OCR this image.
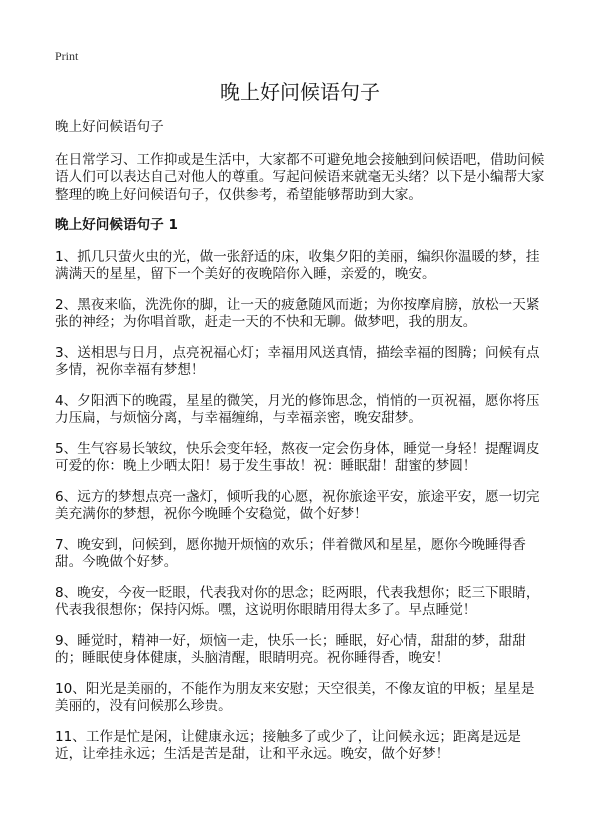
Print
晚上好问候语句子

晚上好问候语句子

在日常学习、工作抑或是生活中，大家都不可避免地会接触到问候语吧，借助问候语人们可以表达自己对他人的尊重。写起问候语来就毫无头绪？以下是小编帮大家整理的晚上好问候语句子，仅供参考，希望能够帮助到大家。

晚上好问候语句子 1

1、抓几只萤火虫的光，做一张舒适的床，收集夕阳的美丽，编织你温暖的梦，挂满满天的星星，留下一个美好的夜晚陪你入睡，亲爱的，晚安。

2、黑夜来临，洗洗你的脚，让一天的疲惫随风而逝；为你按摩肩膀，放松一天紧张的神经；为你唱首歌，赶走一天的不快和无聊。做梦吧，我的朋友。

3、送相思与日月，点亮祝福心灯；幸福用风送真情，描绘幸福的图腾；问候有点多情，祝你幸福有梦想！

4、夕阳洒下的晚霞，星星的微笑，月光的修饰思念，悄悄的一页祝福，愿你将压力压扁，与烦恼分离，与幸福缠绵，与幸福亲密，晚安甜梦。

5、生气容易长皱纹，快乐会变年轻，熬夜一定会伤身体，睡觉一身轻！提醒调皮可爱的你：晚上少晒太阳！易于发生事故！祝：睡眠甜！甜蜜的梦圆！

6、远方的梦想点亮一盏灯，倾听我的心愿，祝你旅途平安，旅途平安，愿一切完美充满你的梦想，祝你今晚睡个安稳觉，做个好梦！

7、晚安到，问候到，愿你抛开烦恼的欢乐；伴着微风和星星，愿你今晚睡得香甜。今晚做个好梦。

8、晚安，今夜一眨眼，代表我对你的思念；眨两眼，代表我想你；眨三下眼睛，代表我很想你；保持闪烁。嘿，这说明你眼睛用得太多了。早点睡觉！

9、睡觉时，精神一好，烦恼一走，快乐一长；睡眠，好心情，甜甜的梦，甜甜的；睡眠使身体健康，头脑清醒，眼睛明亮。祝你睡得香，晚安！

10、阳光是美丽的，不能作为朋友来安慰；天空很美，不像友谊的甲板；星星是美丽的，没有问候那么珍贵。

11、工作是忙是闲，让健康永远；接触多了或少了，让问候永远；距离是远是近，让牵挂永远；生活是苦是甜，让和平永远。晚安，做个好梦！
